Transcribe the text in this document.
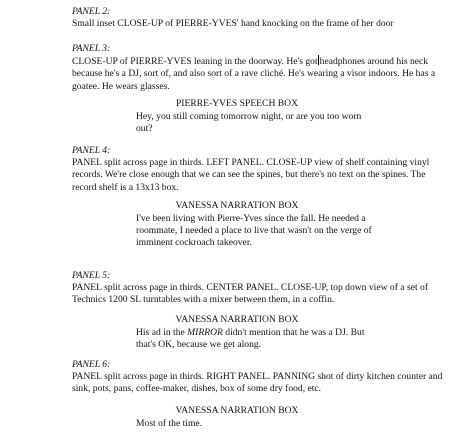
PANEL 2:

Small inset CLOSE-UP of PIERRE-YVES' hand knocking on the frame of her door

PANEL 3:

CLOSE-UP of PIERRE-YVES leaning in the doorway. He's got headphones around his neck
because he's a DJ, sort of, and also sort of a rave cliché. He's wearing a visor indoors. He has a
goatee. He wears glasses.

PIERRE-YVES SPEECH BOX

Hey, you still coming tomorrow night, or are you too worn
out?

PANEL 4:

PANEL split across page in thirds. LEFT PANEL. CLOSE-UP view of shelf containing vinyl
records. We're close enough that we can see the spines, but there's no text on the spines. The
record shelf is a 13x13 box.

VANESSA NARRATION BOX

I've been living with Pierre-Yves since the fall. He needed a
roommate, I needed a place to live that wasn't on the verge of
imminent cockroach takeover.

PANEL 5:

PANEL split across page in thirds. CENTER PANEL. CLOSE-UP, top down view of a set of
Technics 1200 SL turntables with a mixer between them, in a coffin.

VANESSA NARRATION BOX

His ad in the MIRROR didn't mention that he was a DJ. But
that's OK, because we get along.

PANEL 6:

PANEL split across page in thirds. RIGHT PANEL. PANNING shot of dirty kitchen counter and
sink, pots, pans, coffee-maker, dishes, box of some dry food, etc.

VANESSA NARRATION BOX

Most of the time.
